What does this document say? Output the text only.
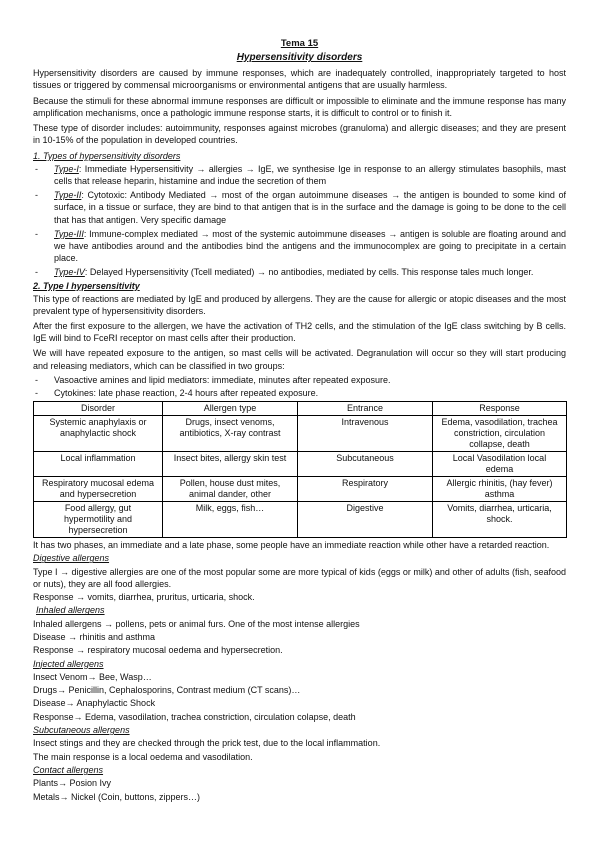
Tema 15
Hypersensitivity disorders

Hypersensitivity disorders are caused by immune responses, which are inadequately controlled, inappropriately targeted to host tissues or triggered by commensal microorganisms or environmental antigens that are usually harmless.

Because the stimuli for these abnormal immune responses are difficult or impossible to eliminate and the immune response has many amplification mechanisms, once a pathologic immune response starts, it is difficult to control or to finish it.

These type of disorder includes: autoimmunity, responses against microbes (granuloma) and allergic diseases; and they are present in 10-15% of the population in developed countries.

1. Types of hypersensitivity disorders
- Type-I: Immediate Hypersensitivity → allergies → IgE, we synthesise Ige in response to an allergy stimulates basophils, mast cells that release heparin, histamine and indue the secretion of them
- Type-II: Cytotoxic: Antibody Mediated → most of the organ autoimmune diseases → the antigen is bounded to some kind of surface, in a tissue or surface, they are bind to that antigen that is in the surface and the damage is going to be done to the cell that has that antigen. Very specific damage
- Type-III: Immune-complex mediated → most of the systemic autoimmune diseases → antigen is soluble are floating around and we have antibodies around and the antibodies bind the antigens and the immunocomplex are going to precipitate in a certain place.
- Type-IV: Delayed Hypersensitivity (Tcell mediated) → no antibodies, mediated by cells. This response tales much longer.
2. Type I hypersensitivity

This type of reactions are mediated by IgE and produced by allergens. They are the cause for allergic or atopic diseases and the most prevalent type of hypersensitivity disorders.

After the first exposure to the allergen, we have the activation of TH2 cells, and the stimulation of the IgE class switching by B cells. IgE will bind to FceRI receptor on mast cells after their production.

We will have repeated exposure to the antigen, so mast cells will be activated. Degranulation will occur so they will start producing and releasing mediators, which can be classified in two groups:

- Vasoactive amines and lipid mediators: immediate, minutes after repeated exposure.
- Cytokines: late phase reaction, 2-4 hours after repeated exposure.
Disorder	Allergen type	Entrance	Response
Systemic anaphylaxis or anaphylactic shock	Drugs, insect venoms, antibiotics, X-ray contrast	Intravenous	Edema, vasodilation, trachea constriction, circulation collapse, death
Local inflammation	Insect bites, allergy skin test	Subcutaneous	Local Vasodilation local edema
Respiratory mucosal edema and hypersecretion	Pollen, house dust mites, animal dander, other	Respiratory	Allergic rhinitis, (hay fever) asthma
Food allergy, gut hypermotility and hypersecretion	Milk, eggs, fish…	Digestive	Vomits, diarrhea, urticaria, shock.

It has two phases, an immediate and a late phase, some people have an immediate reaction while other have a retarded reaction.

Digestive allergens

Type I → digestive allergies are one of the most popular some are more typical of kids (eggs or milk) and other of adults (fish, seafood or nuts), they are all food allergies.

Response → vomits, diarrhea, pruritus, urticaria, shock.

Inhaled allergens

Inhaled allergens → pollens, pets or animal furs. One of the most intense allergies

Disease → rhinitis and asthma

Response → respiratory mucosal oedema and hypersecretion.

Injected allergens

Insect Venom→ Bee, Wasp…

Drugs→ Penicillin, Cephalosporins, Contrast medium (CT scans)…

Disease→ Anaphylactic Shock

Response→ Edema, vasodilation, trachea constriction, circulation colapse, death

Subcutaneous allergens

Insect stings and they are checked through the prick test, due to the local inflammation.

The main response is a local oedema and vasodilation.

Contact allergens

Plants→ Posion Ivy

Metals→ Nickel (Coin, buttons, zippers…)
